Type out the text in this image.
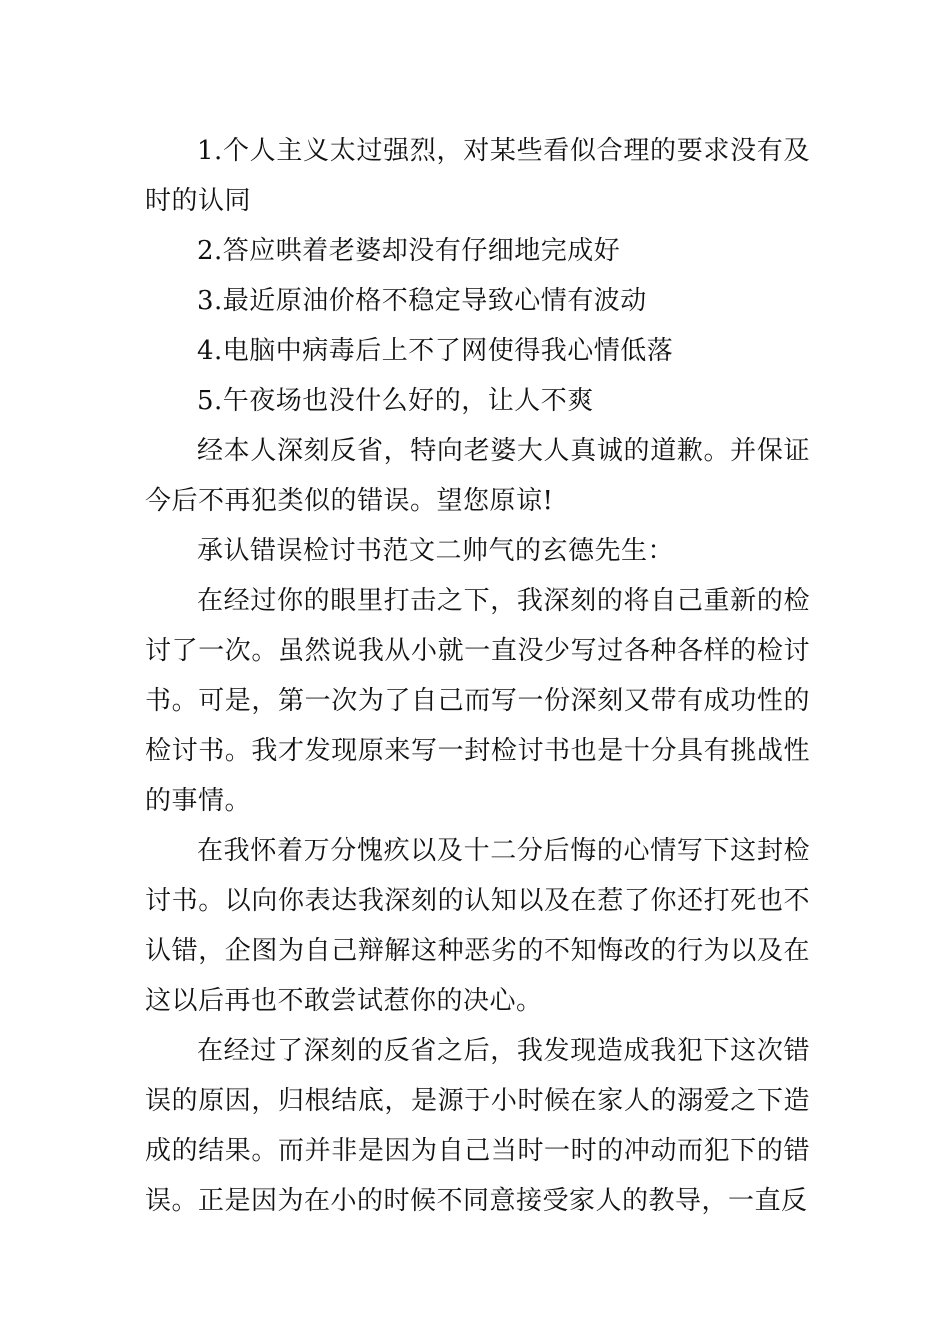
1.个人主义太过强烈，对某些看似合理的要求没有及时的认同

2.答应哄着老婆却没有仔细地完成好

3.最近原油价格不稳定导致心情有波动

4.电脑中病毒后上不了网使得我心情低落

5.午夜场也没什么好的，让人不爽

经本人深刻反省，特向老婆大人真诚的道歉。并保证今后不再犯类似的错误。望您原谅!

承认错误检讨书范文二帅气的玄德先生：

在经过你的眼里打击之下，我深刻的将自己重新的检讨了一次。虽然说我从小就一直没少写过各种各样的检讨书。可是，第一次为了自己而写一份深刻又带有成功性的检讨书。我才发现原来写一封检讨书也是十分具有挑战性的事情。

在我怀着万分愧疚以及十二分后悔的心情写下这封检讨书。以向你表达我深刻的认知以及在惹了你还打死也不认错，企图为自己辩解这种恶劣的不知悔改的行为以及在这以后再也不敢尝试惹你的决心。

在经过了深刻的反省之后，我发现造成我犯下这次错误的原因，归根结底，是源于小时候在家人的溺爱之下造成的结果。而并非是因为自己当时一时的冲动而犯下的错误。正是因为在小的时候不同意接受家人的教导，一直反
